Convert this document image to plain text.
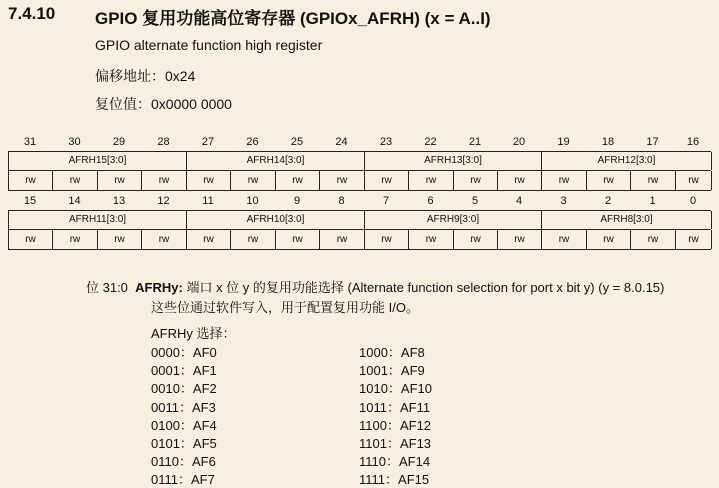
7.4.10 GPIO 复用功能高位寄存器 (GPIOx_AFRH) (x = A..I)
GPIO alternate function high register
偏移地址：0x24
复位值：0x0000 0000
31	30	29	28	27	26	25	24	23	22	21	20	19	18	17	16
AFRH15[3:0]	AFRH14[3:0]	AFRH13[3:0]	AFRH12[3:0]
rw	rw	rw	rw	rw	rw	rw	rw	rw	rw	rw	rw	rw	rw	rw	rw
15	14	13	12	11	10	9	8	7	6	5	4	3	2	1	0
AFRH11[3:0]	AFRH10[3:0]	AFRH9[3:0]	AFRH8[3:0]
rw	rw	rw	rw	rw	rw	rw	rw	rw	rw	rw	rw	rw	rw	rw	rw
位 31:0 AFRHy: 端口 x 位 y 的复用功能选择 (Alternate function selection for port x bit y) (y = 8.0.15)
这些位通过软件写入，用于配置复用功能 I/O。
AFRHy 选择：
0000：AF0
0001：AF1
0010：AF2
0011：AF3
0100：AF4
0101：AF5
0110：AF6
0111：AF7
1000：AF8
1001：AF9
1010：AF10
1011：AF11
1100：AF12
1101：AF13
1110：AF14
1111：AF15
